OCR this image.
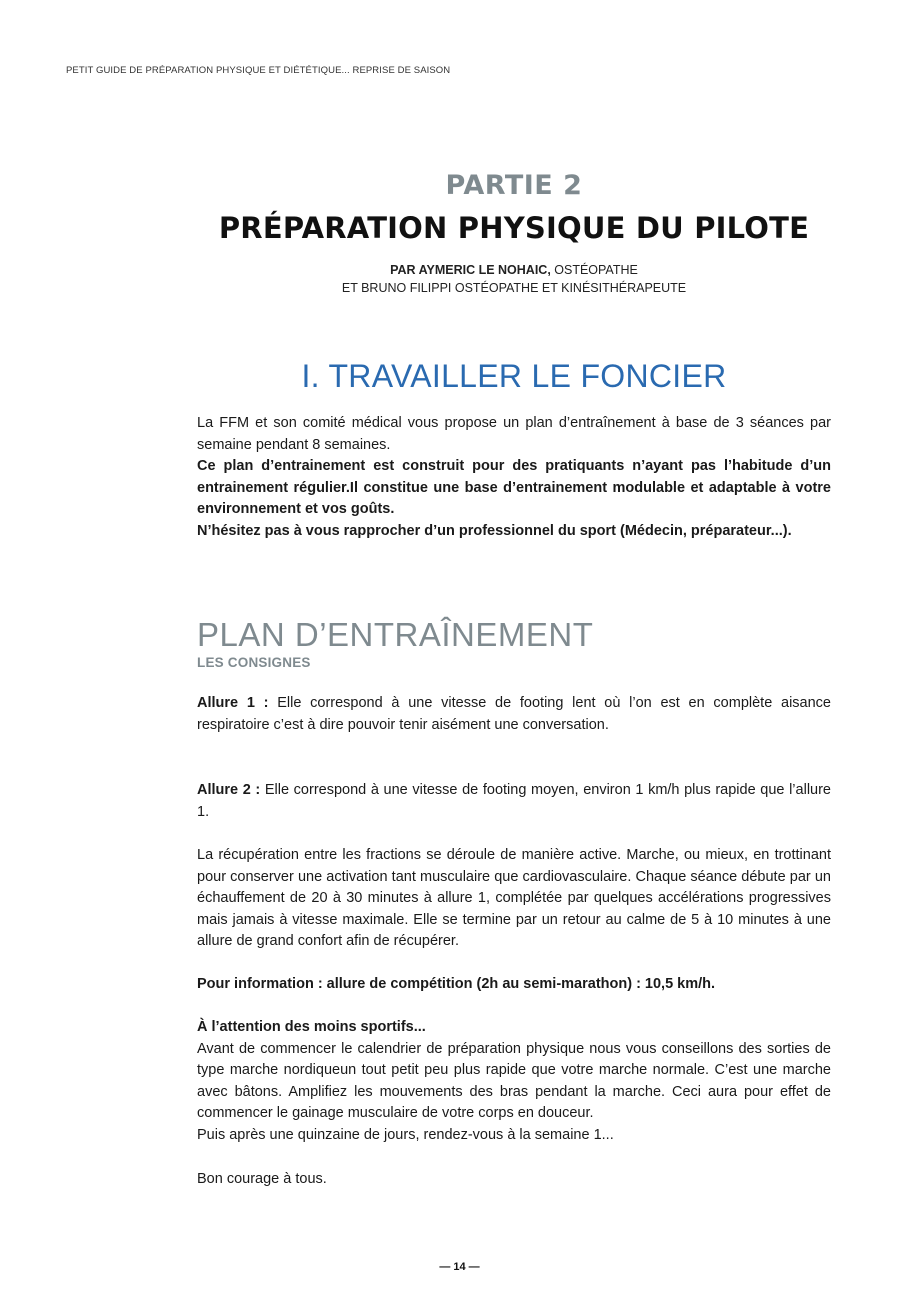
PETIT GUIDE DE PRÉPARATION PHYSIQUE ET DIÉTÉTIQUE... REPRISE DE SAISON
PARTIE 2
PRÉPARATION PHYSIQUE DU PILOTE
PAR AYMERIC LE NOHAIC, OSTÉOPATHE
ET BRUNO FILIPPI OSTÉOPATHE ET KINÉSITHÉRAPEUTE
I. TRAVAILLER LE FONCIER

La FFM et son comité médical vous propose un plan d’entraînement à base de 3 séances par semaine pendant 8 semaines.

Ce plan d’entrainement est construit pour des pratiquants n’ayant pas l’habitude d’un entrainement régulier.Il constitue une base d’entrainement modulable et adaptable à votre environnement et vos goûts.

N’hésitez pas à vous rapprocher d’un professionnel du sport (Médecin, préparateur...).

PLAN D’ENTRAÎNEMENT
LES CONSIGNES

Allure 1 : Elle correspond à une vitesse de footing lent où l’on est en complète aisance respiratoire c’est à dire pouvoir tenir aisément une conversation.

Allure 2 : Elle correspond à une vitesse de footing moyen, environ 1 km/h plus rapide que l’allure 1.

La récupération entre les fractions se déroule de manière active. Marche, ou mieux, en trottinant pour conserver une activation tant musculaire que cardiovasculaire. Chaque séance débute par un échauffement de 20 à 30 minutes à allure 1, complétée par quelques accélérations progressives mais jamais à vitesse maximale. Elle se termine par un retour au calme de 5 à 10 minutes à une allure de grand confort afin de récupérer.

Pour information : allure de compétition (2h au semi-marathon) : 10,5 km/h.

À l’attention des moins sportifs...

Avant de commencer le calendrier de préparation physique nous vous conseillons des sorties de type marche nordiqueun tout petit peu plus rapide que votre marche normale. C’est une marche avec bâtons. Amplifiez les mouvements des bras pendant la marche. Ceci aura pour effet de commencer le gainage musculaire de votre corps en douceur.

Puis après une quinzaine de jours, rendez-vous à la semaine 1...

Bon courage à tous.

— 14 —
